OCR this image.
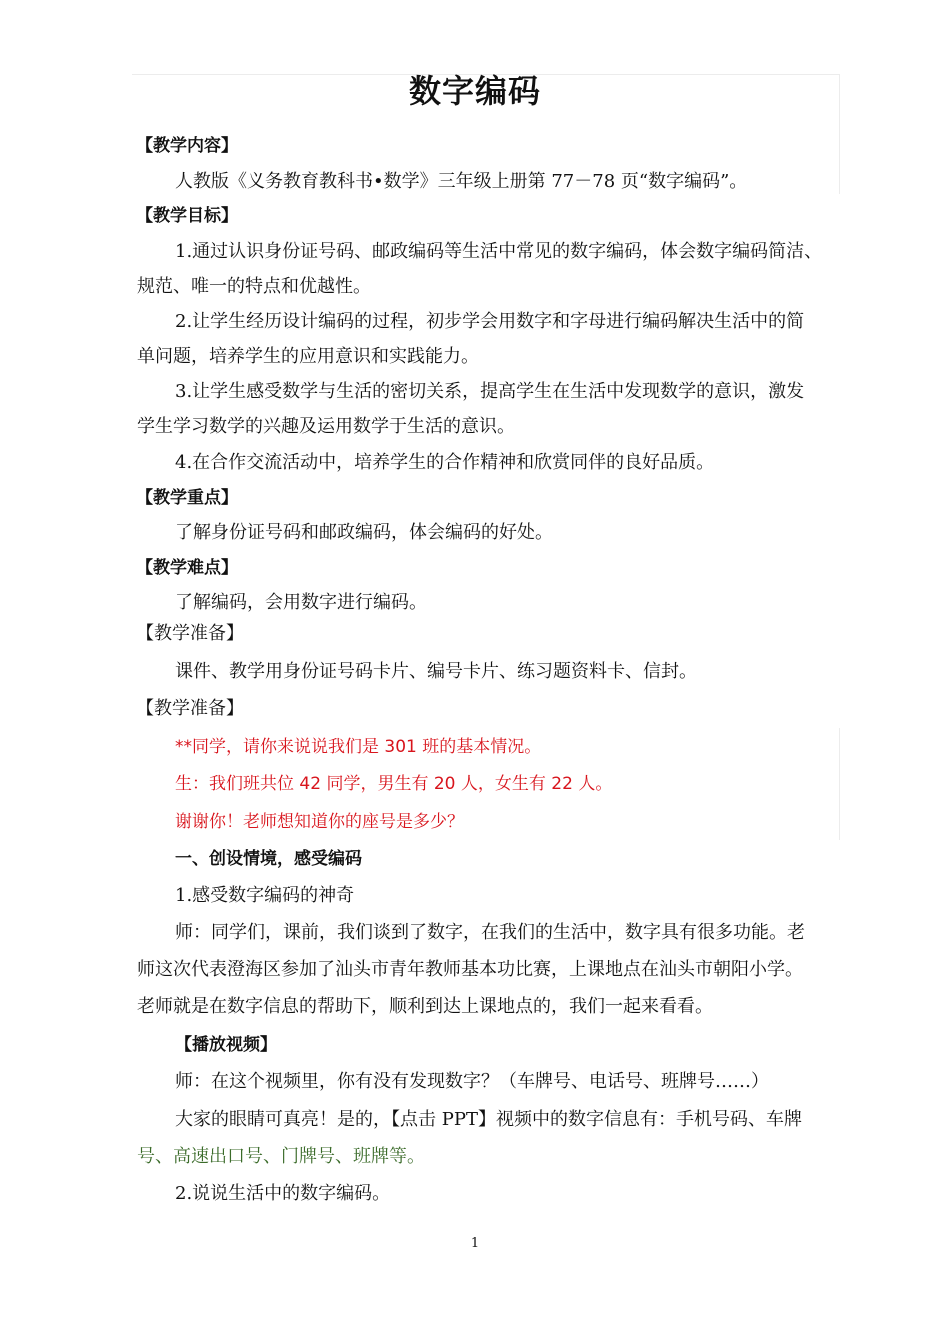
数字编码
【教学内容】
人教版《义务教育教科书•数学》三年级上册第 77－78 页“数字编码”。
【教学目标】
1.通过认识身份证号码、邮政编码等生活中常见的数字编码，体会数字编码简洁、
规范、唯一的特点和优越性。
2.让学生经历设计编码的过程，初步学会用数字和字母进行编码解决生活中的简
单问题，培养学生的应用意识和实践能力。
3.让学生感受数学与生活的密切关系，提高学生在生活中发现数学的意识，激发
学生学习数学的兴趣及运用数学于生活的意识。
4.在合作交流活动中，培养学生的合作精神和欣赏同伴的良好品质。
【教学重点】
了解身份证号码和邮政编码，体会编码的好处。
【教学难点】
了解编码，会用数字进行编码。
【教学准备】
课件、教学用身份证号码卡片、编号卡片、练习题资料卡、信封。
【教学准备】
**同学，请你来说说我们是 301 班的基本情况。
生：我们班共位 42 同学，男生有 20 人，女生有 22 人。
谢谢你！老师想知道你的座号是多少？
一、创设情境，感受编码
1.感受数字编码的神奇
师：同学们，课前，我们谈到了数字，在我们的生活中，数字具有很多功能。老
师这次代表澄海区参加了汕头市青年教师基本功比赛，上课地点在汕头市朝阳小学。
老师就是在数字信息的帮助下，顺利到达上课地点的，我们一起来看看。
【播放视频】
师：在这个视频里，你有没有发现数字？（车牌号、电话号、班牌号……）
大家的眼睛可真亮！是的，【点击 PPT】视频中的数字信息有：手机号码、车牌
号、高速出口号、门牌号、班牌等。
2.说说生活中的数字编码。
1
